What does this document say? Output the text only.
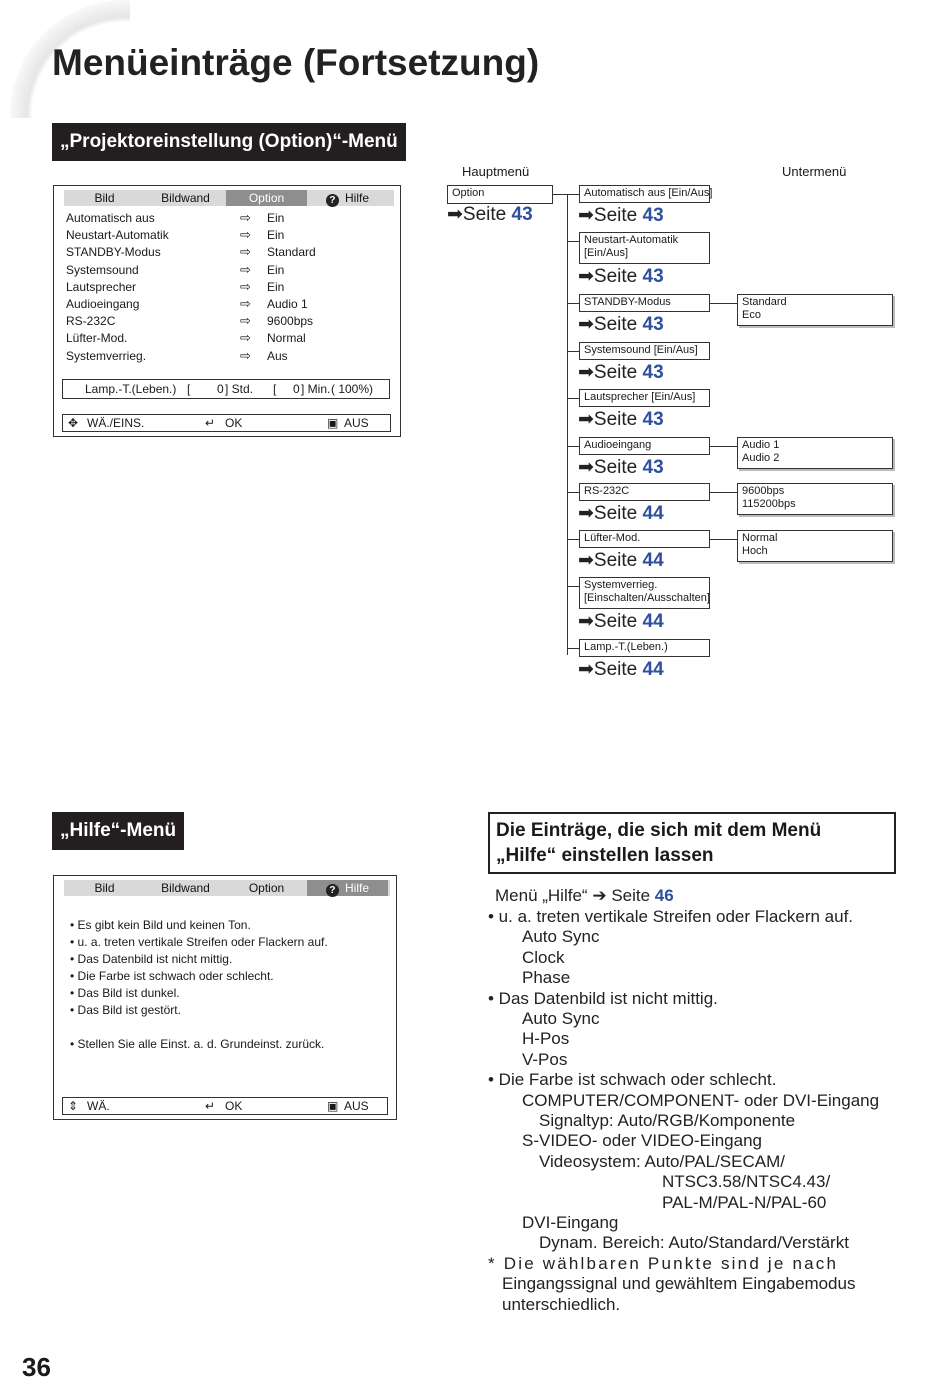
Menüeinträge (Fortsetzung)
„Projektoreinstellung (Option)“-Menü
Bild	Bildwand	Option	? Hilfe
Automatisch aus	⇨ Ein
Neustart-Automatik	⇨ Ein
STANDBY-Modus	⇨ Standard
Systemsound	⇨ Ein
Lautsprecher	⇨ Ein
Audioeingang	⇨ Audio 1
RS-232C	⇨ 9600bps
Lüfter-Mod.	⇨ Normal
Systemverrieg.	⇨ Aus
Lamp.-T.(Leben.) [ 0 ] Std. [ 0 ] Min. ( 100%)
✥ WÄ./EINS.	↵ OK	▣ AUS
Hauptmenü	Untermenü
Option
➡Seite 43
Automatisch aus [Ein/Aus]
➡Seite 43
Neustart-Automatik
[Ein/Aus]
➡Seite 43
STANDBY-Modus
➡Seite 43
Standard
Eco
Systemsound [Ein/Aus]
➡Seite 43
Lautsprecher [Ein/Aus]
➡Seite 43
Audioeingang
➡Seite 43
Audio 1
Audio 2
RS-232C
➡Seite 44
9600bps
115200bps
Lüfter-Mod.
➡Seite 44
Normal
Hoch
Systemverrieg.
[Einschalten/Ausschalten]
➡Seite 44
Lamp.-T.(Leben.)
➡Seite 44
„Hilfe“-Menü
Bild	Bildwand	Option	? Hilfe
• Es gibt kein Bild und keinen Ton.
• u. a. treten vertikale Streifen oder Flackern auf.
• Das Datenbild ist nicht mittig.
• Die Farbe ist schwach oder schlecht.
• Das Bild ist dunkel.
• Das Bild ist gestört.
• Stellen Sie alle Einst. a. d. Grundeinst. zurück.
⇕ WÄ.	↵ OK	▣ AUS
Die Einträge, die sich mit dem Menü
„Hilfe“ einstellen lassen
Menü „Hilfe“ ➔ Seite 46
• u. a. treten vertikale Streifen oder Flackern auf.
Auto Sync
Clock
Phase
• Das Datenbild ist nicht mittig.
Auto Sync
H-Pos
V-Pos
• Die Farbe ist schwach oder schlecht.
COMPUTER/COMPONENT- oder DVI-Eingang
Signaltyp: Auto/RGB/Komponente
S-VIDEO- oder VIDEO-Eingang
Videosystem: Auto/PAL/SECAM/
NTSC3.58/NTSC4.43/
PAL-M/PAL-N/PAL-60
DVI-Eingang
Dynam. Bereich: Auto/Standard/Verstärkt
* Die wählbaren Punkte sind je nach
Eingangssignal und gewähltem Eingabemodus
unterschiedlich.
36
